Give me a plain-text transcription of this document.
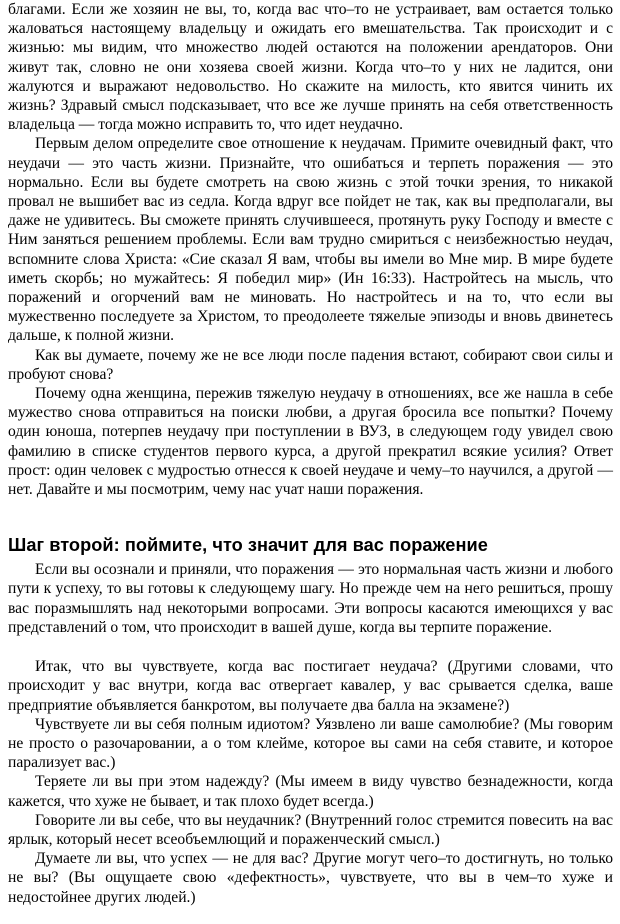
благами. Если же хозяин не вы, то, когда вас что–то не устраивает, вам остается только жаловаться настоящему владельцу и ожидать его вмешательства. Так происходит и с жизнью: мы видим, что множество людей остаются на положении арендаторов. Они живут так, словно не они хозяева своей жизни. Когда что–то у них не ладится, они жалуются и выражают недовольство. Но скажите на милость, кто явится чинить их жизнь? Здравый смысл подсказывает, что все же лучше принять на себя ответственность владельца — тогда можно исправить то, что идет неудачно.

Первым делом определите свое отношение к неудачам. Примите очевидный факт, что неудачи — это часть жизни. Признайте, что ошибаться и терпеть поражения — это нормально. Если вы будете смотреть на свою жизнь с этой точки зрения, то никакой провал не вышибет вас из седла. Когда вдруг все пойдет не так, как вы предполагали, вы даже не удивитесь. Вы сможете принять случившееся, протянуть руку Господу и вместе с Ним заняться решением проблемы. Если вам трудно смириться с неизбежностью неудач, вспомните слова Христа: «Сие сказал Я вам, чтобы вы имели во Мне мир. В мире будете иметь скорбь; но мужайтесь: Я победил мир» (Ин 16:33). Настройтесь на мысль, что поражений и огорчений вам не миновать. Но настройтесь и на то, что если вы мужественно последуете за Христом, то преодолеете тяжелые эпизоды и вновь двинетесь дальше, к полной жизни.

Как вы думаете, почему же не все люди после падения встают, собирают свои силы и пробуют снова?

Почему одна женщина, пережив тяжелую неудачу в отношениях, все же нашла в себе мужество снова отправиться на поиски любви, а другая бросила все попытки? Почему один юноша, потерпев неудачу при поступлении в ВУЗ, в следующем году увидел свою фамилию в списке студентов первого курса, а другой прекратил всякие усилия? Ответ прост: один человек с мудростью отнесся к своей неудаче и чему–то научился, а другой — нет. Давайте и мы посмотрим, чему нас учат наши поражения.

Шаг второй: поймите, что значит для вас поражение

Если вы осознали и приняли, что поражения — это нормальная часть жизни и любого пути к успеху, то вы готовы к следующему шагу. Но прежде чем на него решиться, прошу вас поразмышлять над некоторыми вопросами. Эти вопросы касаются имеющихся у вас представлений о том, что происходит в вашей душе, когда вы терпите поражение.

Итак, что вы чувствуете, когда вас постигает неудача? (Другими словами, что происходит у вас внутри, когда вас отвергает кавалер, у вас срывается сделка, ваше предприятие объявляется банкротом, вы получаете два балла на экзамене?)

Чувствуете ли вы себя полным идиотом? Уязвлено ли ваше самолюбие? (Мы говорим не просто о разочаровании, а о том клейме, которое вы сами на себя ставите, и которое парализует вас.)

Теряете ли вы при этом надежду? (Мы имеем в виду чувство безнадежности, когда кажется, что хуже не бывает, и так плохо будет всегда.)

Говорите ли вы себе, что вы неудачник? (Внутренний голос стремится повесить на вас ярлык, который несет всеобъемлющий и пораженческий смысл.)

Думаете ли вы, что успех — не для вас? Другие могут чего–то достигнуть, но только не вы? (Вы ощущаете свою «дефектность», чувствуете, что вы в чем–то хуже и недостойнее других людей.)
